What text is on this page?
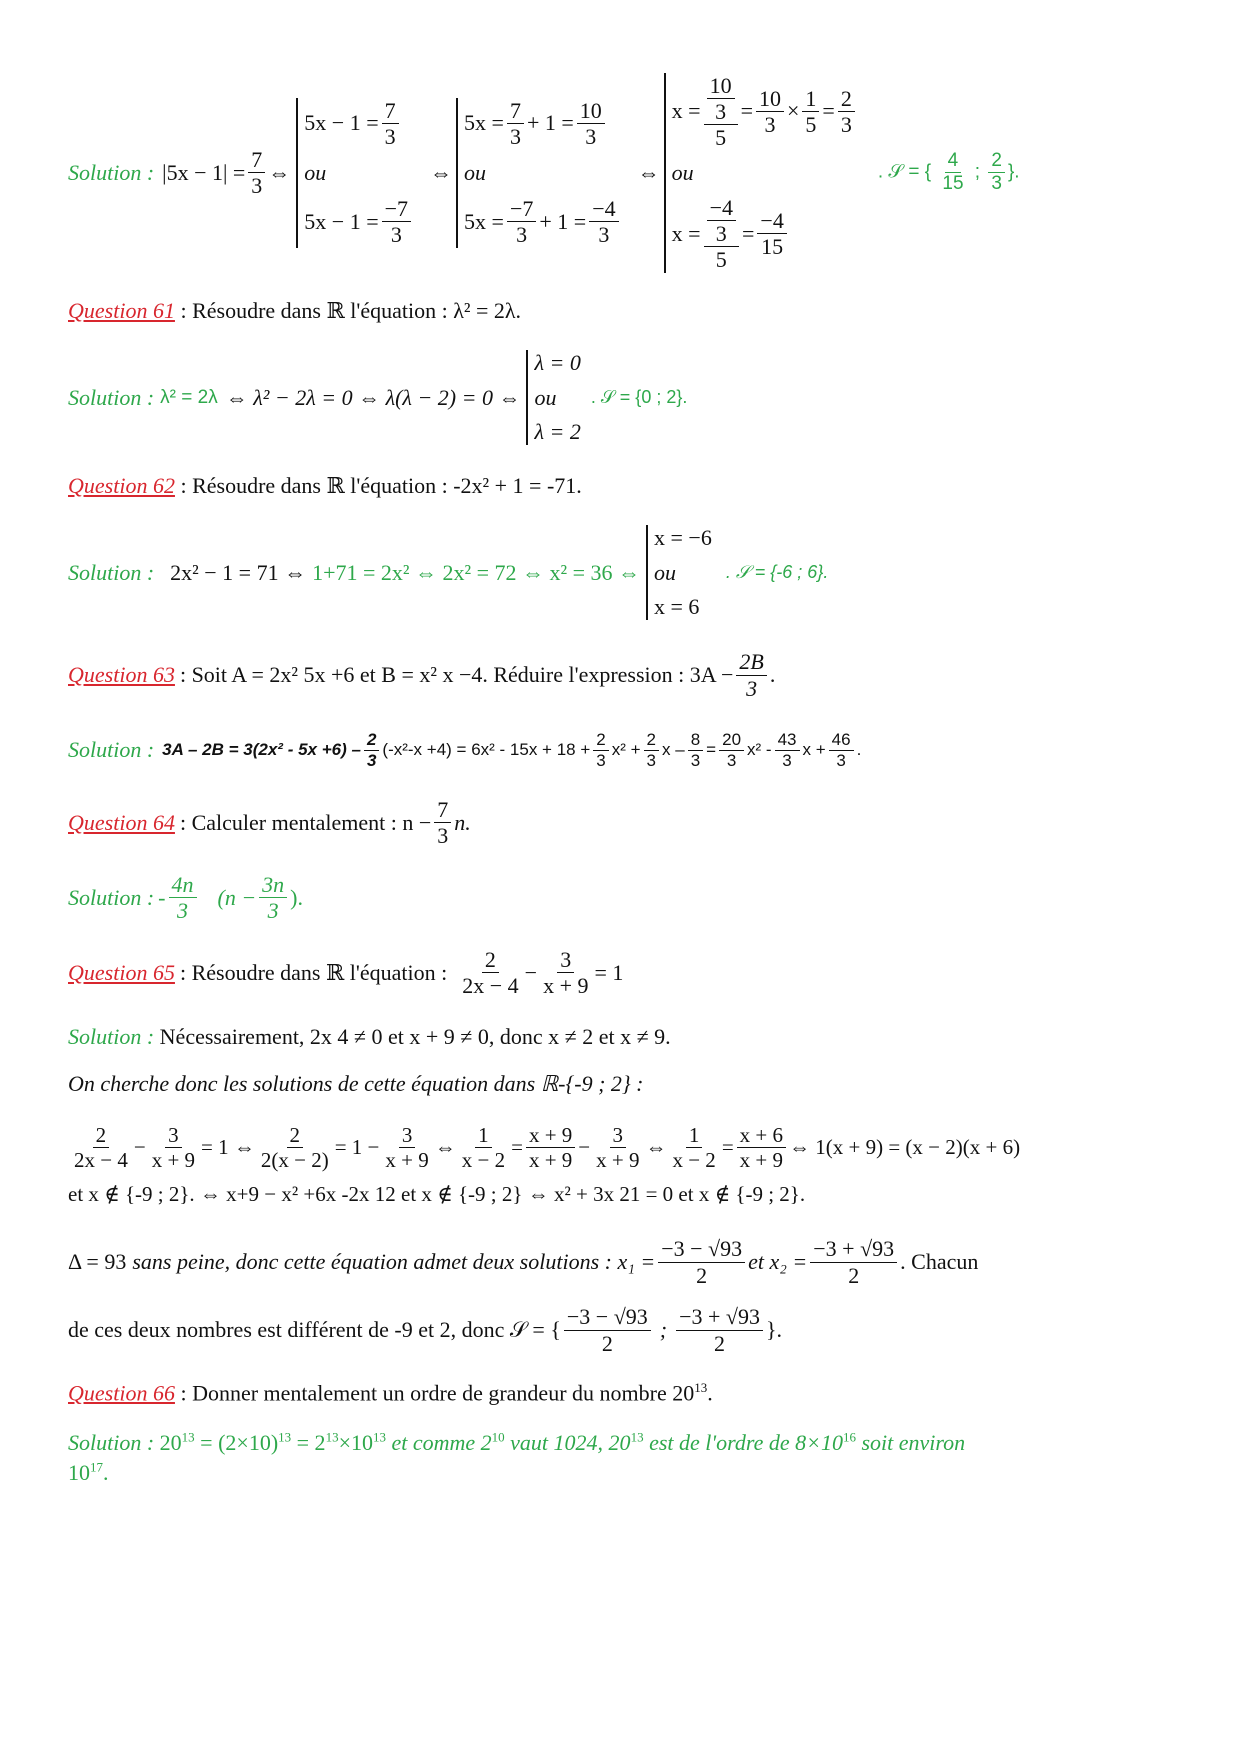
Solution : $|5x - 1| = \frac{7}{3}$ ⇔
$5x - 1 = \frac{7}{3}$
ou
$5x - 1 = \frac{-7}{3}$
⇔
$5x = \frac{7}{3} + 1 = \frac{10}{3}$
ou
$5x = \frac{-7}{3} + 1 = \frac{-4}{3}$
⇔
$x = \frac{\frac{10}{3}}{5} = \frac{10}{3} \times \frac{1}{5} = \frac{2}{3}$
ou
$x = \frac{\frac{-4}{3}}{5} = \frac{-4}{15}$
. 𝒮 = { $\frac{4}{15}$ ; $\frac{2}{3}$ }.
Question 61 : Résoudre dans ℝ l'équation : λ² = 2λ.
Solution : λ² = 2λ ⇔ λ² − 2λ = 0 ⇔ λ(λ − 2) = 0 ⇔
λ = 0
ou
λ = 2
. 𝒮 = {0 ; 2}.
Question 62 : Résoudre dans ℝ l'équation : -2x² + 1 = -71.
Solution : 2x² − 1 = 71 ⇔ 1+71 = 2x² ⇔ 2x² = 72 ⇔ x² = 36 ⇔
x = −6
ou
x = 6
. 𝒮 = {-6 ; 6}.
Question 63 : Soit A = 2x² 5x +6 et B = x² x −4. Réduire l'expression : $3A - \frac{2B}{3}$ .
Solution : $3A - 2B = 3(2x^2 - 5x +6) - \frac{2}{3} (-x^2-x +4) = 6x^2 - 15x + 18 + \frac{2}{3} x^2 + \frac{2}{3}$ $x - \frac{8}{3} = \frac{20}{3} x^2 - \frac{43}{3}$ $x + \frac{46}{3}$ .
Question 64 : Calculer mentalement : $n - \frac{7}{3} n$.
Solution : - $\frac{4n}{3} (n - \frac{3n}{3}$ ).
Question 65 : Résoudre dans ℝ l'équation : $\frac{2}{2x - 4} - \frac{3}{x + 9} = 1$
Solution : Nécessairement, 2x 4 ≠ 0 et x + 9 ≠ 0, donc x ≠ 2 et x ≠ 9.
On cherche donc les solutions de cette équation dans ℝ-{-9 ; 2} :
$\frac{2}{2x - 4} - \frac{3}{x + 9} = 1$ ⇔ $\frac{2}{2(x - 2)} = 1 - \frac{3}{x + 9}$ ⇔ $\frac{1}{x - 2} = \frac{x + 9}{x + 9} - \frac{3}{x + 9}$ ⇔ $\frac{1}{x - 2} = \frac{x + 6}{x + 9}$ ⇔ 1(x + 9) = (x − 2)(x + 6)
et x ∉ {-9 ; 2}. ⇔ x+9 − x² +6x -2x 12 et x ∉ {-9 ; 2} ⇔ x² + 3x 21 = 0 et x ∉ {-9 ; 2}.
Δ = 93 sans peine, donc cette équation admet deux solutions : $x_1 = \frac{-3 - √93}{2}$ et $x_2 = \frac{-3 + √93}{2}$ . Chacun
de ces deux nombres est différent de -9 et 2, donc 𝒮 = { $\frac{-3 - √93}{2}$ ; $\frac{-3 + √93}{2}$ }.
Question 66 : Donner mentalement un ordre de grandeur du nombre $20^{13}$.
Solution : $20^{13} = (2\times 10)^{13} = 2^{13}\times 10^{13}$ et comme $2^{10}$ vaut 1024, $20^{13}$ est de l'ordre de $8\times 10^{16}$ soit environ
$10^{17}$.
